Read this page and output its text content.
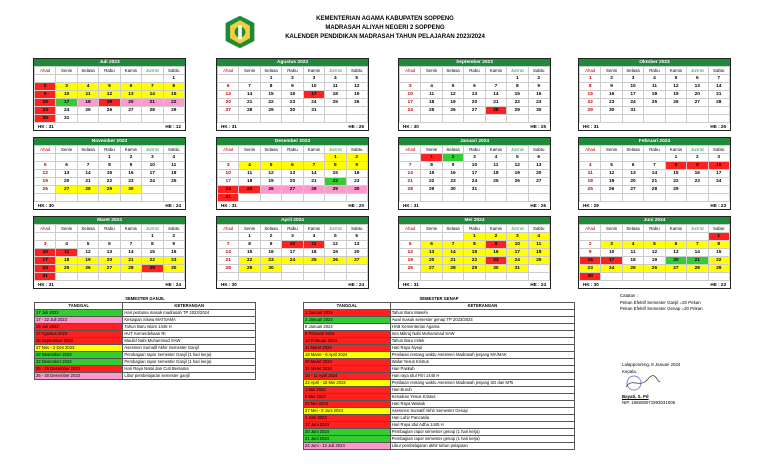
KEMENTERIAN AGAMA KABUPATEN SOPPENG
MADRASAH ALIYAH NEGERI 2 SOPPENG
KALENDER PENDIDIKAN MADRASAH TAHUN PELAJARAN 2023/2024
Juli 2023
Ahad	Senin	Selasa	Rabu	Kamis	Jum'at	Sabtu
						1
2	3	4	5	6	7	8
9	10	11	12	13	14	15
16	17	18	19	20	21	22
23	24	25	26	27	28	29
30	31					
HK : 31	HE : 12
Agustus 2023
Ahad	Senin	Selasa	Rabu	Kamis	Jum'at	Sabtu
		1	2	3	4	5
6	7	8	9	10	11	12
13	14	15	16	17	18	19
20	21	22	23	24	25	26
27	28	29	30	31		

HK : 31	HE : 26
September 2023
Ahad	Senin	Selasa	Rabu	Kamis	Jum'at	Sabtu
					1	2
3	4	5	6	7	8	9
10	11	12	13	14	15	16
17	18	19	20	21	22	23
24	25	26	27	28	29	30

HK : 30	HE : 25
Oktober 2023
Ahad	Senin	Selasa	Rabu	Kamis	Jum'at	Sabtu
1	2	3	4	5	6	7
8	9	10	11	12	13	14
15	16	17	18	19	20	21
22	23	24	25	26	27	28
29	30	31				

HK : 31	HE : 26
November 2023
Ahad	Senin	Selasa	Rabu	Kamis	Jum'at	Sabtu
			1	2	3	4
5	6	7	8	9	10	11
12	13	14	15	16	17	18
19	20	21	22	23	24	25
26	27	28	29	30		

HK : 30	HE : 24
Desember 2023
Ahad	Senin	Selasa	Rabu	Kamis	Jum'at	Sabtu
					1	2
3	4	5	6	7	8	9
10	11	12	13	14	15	16
17	18	19	20	21	22	23
24	25	26	27	28	29	30
31						
HK : 31	HE : 20
Januari 2024
Ahad	Senin	Selasa	Rabu	Kamis	Jum'at	Sabtu
	1	2	3	4	5	6
7	8	9	10	11	12	13
14	15	16	17	18	19	20
21	22	23	24	25	26	27
28	29	30	31			

HK : 31	HE : 26
Februari 2024
Ahad	Senin	Selasa	Rabu	Kamis	Jum'at	Sabtu
				1	2	3
4	5	6	7	8	9	10
11	12	13	14	15	16	17
18	19	20	21	22	23	24
25	26	27	28	29		

HK : 29	HE : 23
Maret 2024
Ahad	Senin	Selasa	Rabu	Kamis	Jum'at	Sabtu
					1	2
3	4	5	6	7	8	9
10	11	12	13	14	15	16
17	18	19	20	21	22	23
24	25	26	27	28	29	30
31						
HK : 31	HE : 24
April 2024
Ahad	Senin	Selasa	Rabu	Kamis	Jum'at	Sabtu
	1	2	3	4	5	6
7	8	9	10	11	12	13
14	15	16	17	18	19	20
21	22	23	24	25	26	27
28	29	30				

HK : 30	HE : 24
Mei 2024
Ahad	Senin	Selasa	Rabu	Kamis	Jum'at	Sabtu
			1	2	3	4
5	6	7	8	9	10	11
12	13	14	15	16	17	18
19	20	21	22	23	24	25
26	27	28	29	30	31	

HK : 31	HE : 24
Juni 2024
Ahad	Senin	Selasa	Rabu	Kamis	Jum'at	Sabtu
						1
2	3	4	5	6	7	8
9	10	11	12	13	14	15
16	17	18	19	20	21	22
23	24	25	26	27	28	29
30						
HK : 30	HE : 23
SEMESTER GANJIL
TANGGAL	KETERANGAN
17 Juli 2023	Hari pertama masuk madrasah TP 2023/2024
17 - 22 Juli 2023	Kesiapan Siswa MATSAMA
19 Juli 2023	Tahun Baru Islam 1445 H
17 Agustus 2023	HUT Kemerdekaan RI
28 September 2023	Maulid Nabi Muhammad SAW
27 Nov - 2 Des 2023	Asesmen Sumatif Akhir Semester Ganjil
22 Desember 2023	Pembagian rapor semester Ganjil (1 hari kerja)
22 Desember 2023	Pembagian rapor semester Ganjil (1 hari kerja)
25 - 26 Desember 2023	Hari Raya Natal dan Cuti Bersama
25 - 30 Desember 2023	Libur pembelajaran semester ganjil
SEMESTER GENAP
TANGGAL	KETERANGAN
1 Januari 2024	Tahun Baru Masehi
2 Januari 2024	Awal masuk semester genap TP 2023/2024
8 Januari 2024	HAB Kementerian Agama
8 Februari 2024	Isra Mikraj Nabi Muhammad SAW
10 Februari 2024	Tahun Baru Imlek
11 Maret 2024	Hari Raya Nyepi
18 Maret - 6 April 2024	Penilaian rentang waktu Asesmen Madrasah jenjang MA/MAK
29 Maret 2024	Wafat Yesus Kristus
31 Maret 2024	Hari Paskah
10 - 11 April 2024	Hari raya Idul Fitri 1445 H
22 April - 18 Mei 2024	Penilaian rentang waktu Asesmen Madrasah jenjang SD dan MTs
1 Mei 2024	Hari Buruh
9 Mei 2024	Kenaikan Yesus Kristus
23 Mei 2024	Hari Raya Waisak
27 Mei - 8 Juni 2024	Asesmen Sumatif Akhir Semester Genap
1 Juni 2024	Hari Lahir Pancasila
17 Juni 2024	Hari Raya Idul Adha 1445 H
20 Juni 2024	Pembagian rapor semester genap (1 hari kerja)
21 Juni 2024	Pembagian rapor semester genap (1 hari kerja)
24 Juni - 13 Juli 2024	Libur pembelajaran akhir tahun pelajaran
Catatan :
Pekan Efektif Semester Ganjil =20 Pekan
Pekan Efektif Semester Genap =20 Pekan
Lalapponreng, 8 Januari 2024
Kepala,
Bayati, S. Pd
NIP. 196908071993031005
